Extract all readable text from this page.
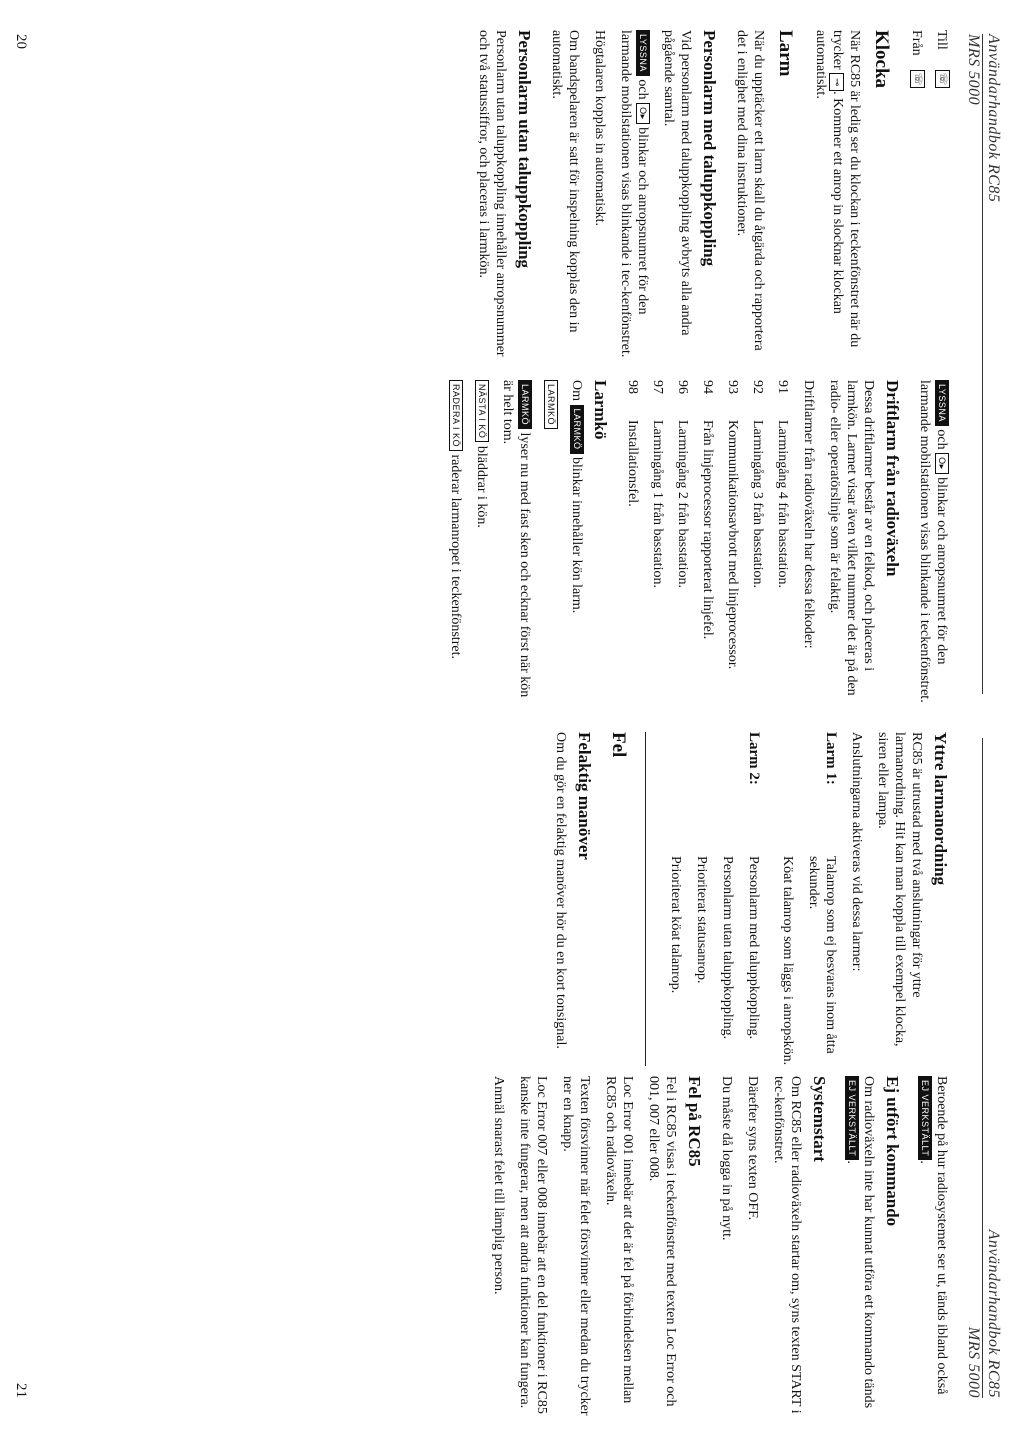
Användarhandbok RC85
MRS 5000
Till
☏
Från
☏
Klocka

När RC85 är ledig ser du klockan i teckenfönstret när du trycker ⊸. Kommer ett anrop in slocknar klockan automatiskt.

Larm

När du upptäcker ett larm skall du åtgärda och rapportera det i enlighet med dina instruktioner.

Personlarm med taluppkoppling

Vid personlarm med taluppkoppling avbryts alla andra pågående samtal.

LYSSNA och O▸ blinkar och anropsnumret för den larmande mobilstationen visas blinkande i tec-kenfönstret.

Högtalaren kopplas in automatiskt.

Om bandspelaren är satt för inspelning kopplas den in automatiskt.

Personlarm utan taluppkoppling

Personlarm utan taluppkoppling innehåller anropsnummer och två statussiffror, och placeras i larmkön.

LYSSNA och O▸ blinkar och anropsnumret för den larmande mobilstationen visas blinkande i teckenfönstret.

Driftlarm från radioväxeln

Dessa driftlarmer består av en felkod, och placeras i larmkön. Larmet visar även vilket nummer det är på den radio- eller operatörslinje som är felaktig.

Driftlarmer från radioväxeln har dessa felkoder:

91
Larmingång 4 från basstation.
92
Larmingång 3 från basstation.
93
Kommunikationsavbrott med linjeprocessor.
94
Från linjeprocessor rapporterat linjefel.
96
Larmingång 2 från basstation.
97
Larmingång 1 från basstation.
98
Installationsfel.
Larmkö

Om LARMKÖ blinkar innehåller kön larm.

LARMKÖ

LARMKÖ lyser nu med fast sken och ecknar först när kön är helt tom.

NÄSTA I KÖ bläddrar i kön.

RADERA I KÖ raderar larmanropet i teckenfönstret.

20
Användarhandbok RC85
MRS 5000
Yttre larmanordning

RC85 är utrustad med två anslutningar för yttre larmanordning. Hit kan man koppla till exempel klocka, siren eller lampa.

Anslutningarna aktiveras vid dessa larmer:

Larm 1:

Talanrop som ej besvaras inom åtta sekunder.

Köat talanrop som läggs i anropskön.

Larm 2:

Personlarm med taluppkoppling.

Personlarm utan taluppkoppling.

Prioriterat statusanrop.

Prioriterat köat talanrop.

Fel
Felaktig manöver

Om du gör en felaktig manöver hör du en kort tonsignal.

Beroende på hur radiosystemet ser ut, tänds ibland också EJ VERKSTÄLLT.

Ej utfört kommando

Om radioväxeln inte har kunnat utföra ett kommando tänds EJ VERKSTÄLLT.

Systemstart

Om RC85 eller radioväxeln startar om, syns texten START i tec-kenfönstret.

Därefter syns texten OFF.

Du måste då logga in på nytt.

Fel på RC85

Fel i RC85 visas i teckenfönstret med texten Loc Error och 001, 007 eller 008.

Loc Error 001 innebär att det är fel på förbindelsen mellan RC85 och radioväxeln.

Texten försvinner när felet försvinner eller medan du trycker ner en knapp.

Loc Error 007 eller 008 innebär att en del funktioner i RC85 kanske inte fungerar, men att andra funktioner kan fungera.

Anmäl snarast felet till lämplig person.

21
